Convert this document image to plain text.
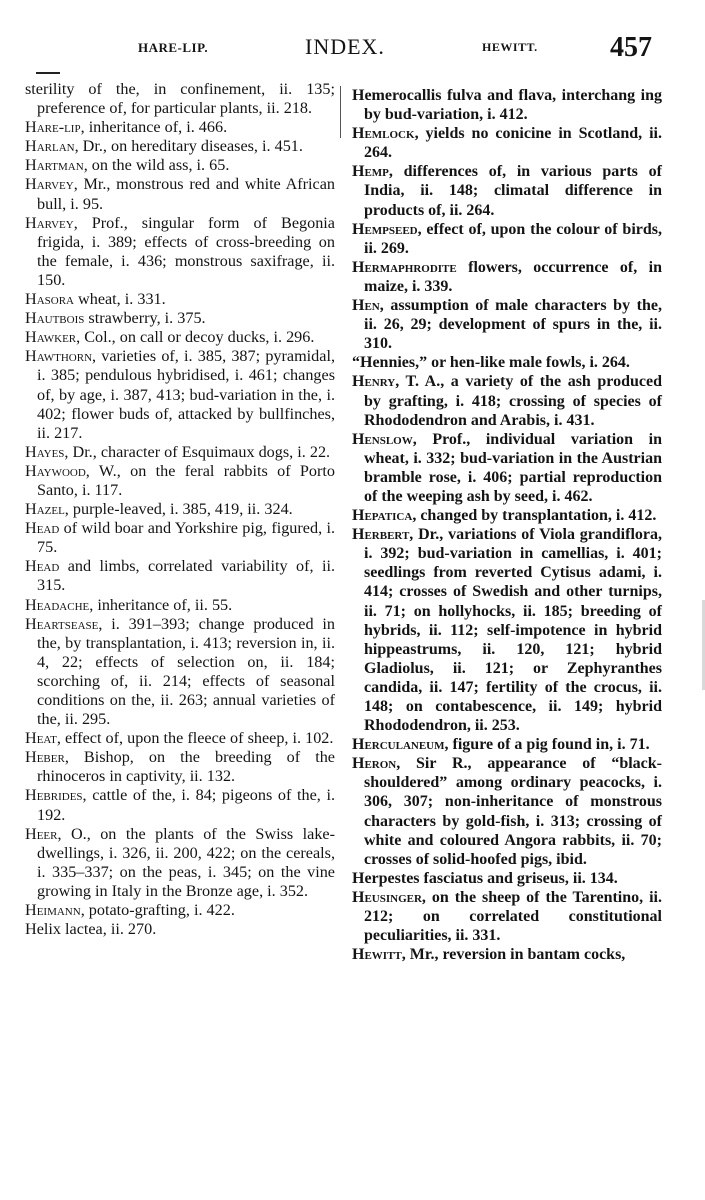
HARE-LIP.	INDEX.	HEWITT.	457

sterility of the, in confinement, ii. 135; preference of, for particular plants, ii. 218.

Hare-lip, inheritance of, i. 466.

Harlan, Dr., on hereditary diseases, i. 451.

Hartman, on the wild ass, i. 65.

Harvey, Mr., monstrous red and white African bull, i. 95.

Harvey, Prof., singular form of Begonia frigida, i. 389; effects of cross-breeding on the female, i. 436; monstrous saxifrage, ii. 150.

Hasora wheat, i. 331.

Hautbois strawberry, i. 375.

Hawker, Col., on call or decoy ducks, i. 296.

Hawthorn, varieties of, i. 385, 387; pyramidal, i. 385; pendulous hybridised, i. 461; changes of, by age, i. 387, 413; bud-variation in the, i. 402; flower buds of, attacked by bullfinches, ii. 217.

Hayes, Dr., character of Esquimaux dogs, i. 22.

Haywood, W., on the feral rabbits of Porto Santo, i. 117.

Hazel, purple-leaved, i. 385, 419, ii. 324.

Head of wild boar and Yorkshire pig, figured, i. 75.

Head and limbs, correlated variability of, ii. 315.

Headache, inheritance of, ii. 55.

Heartsease, i. 391–393; change produced in the, by transplantation, i. 413; reversion in, ii. 4, 22; effects of selection on, ii. 184; scorching of, ii. 214; effects of seasonal conditions on the, ii. 263; annual varieties of the, ii. 295.

Heat, effect of, upon the fleece of sheep, i. 102.

Heber, Bishop, on the breeding of the rhinoceros in captivity, ii. 132.

Hebrides, cattle of the, i. 84; pigeons of the, i. 192.

Heer, O., on the plants of the Swiss lake-dwellings, i. 326, ii. 200, 422; on the cereals, i. 335–337; on the peas, i. 345; on the vine growing in Italy in the Bronze age, i. 352.

Heimann, potato-grafting, i. 422.

Helix lactea, ii. 270.

Hemerocallis fulva and flava, interchang ing by bud-variation, i. 412.

Hemlock, yields no conicine in Scotland, ii. 264.

Hemp, differences of, in various parts of India, ii. 148; climatal difference in products of, ii. 264.

Hempseed, effect of, upon the colour of birds, ii. 269.

Hermaphrodite flowers, occurrence of, in maize, i. 339.

Hen, assumption of male characters by the, ii. 26, 29; development of spurs in the, ii. 310.

“Hennies,” or hen-like male fowls, i. 264.

Henry, T. A., a variety of the ash produced by grafting, i. 418; crossing of species of Rhododendron and Arabis, i. 431.

Henslow, Prof., individual variation in wheat, i. 332; bud-variation in the Austrian bramble rose, i. 406; partial reproduction of the weeping ash by seed, i. 462.

Hepatica, changed by transplantation, i. 412.

Herbert, Dr., variations of Viola grandiflora, i. 392; bud-variation in camellias, i. 401; seedlings from reverted Cytisus adami, i. 414; crosses of Swedish and other turnips, ii. 71; on hollyhocks, ii. 185; breeding of hybrids, ii. 112; self-impotence in hybrid hippeastrums, ii. 120, 121; hybrid Gladiolus, ii. 121; or Zephyranthes candida, ii. 147; fertility of the crocus, ii. 148; on contabescence, ii. 149; hybrid Rhododendron, ii. 253.

Herculaneum, figure of a pig found in, i. 71.

Heron, Sir R., appearance of “black-shouldered” among ordinary peacocks, i. 306, 307; non-inheritance of monstrous characters by gold-fish, i. 313; crossing of white and coloured Angora rabbits, ii. 70; crosses of solid-hoofed pigs, ibid.

Herpestes fasciatus and griseus, ii. 134.

Heusinger, on the sheep of the Tarentino, ii. 212; on correlated constitutional peculiarities, ii. 331.

Hewitt, Mr., reversion in bantam cocks,
